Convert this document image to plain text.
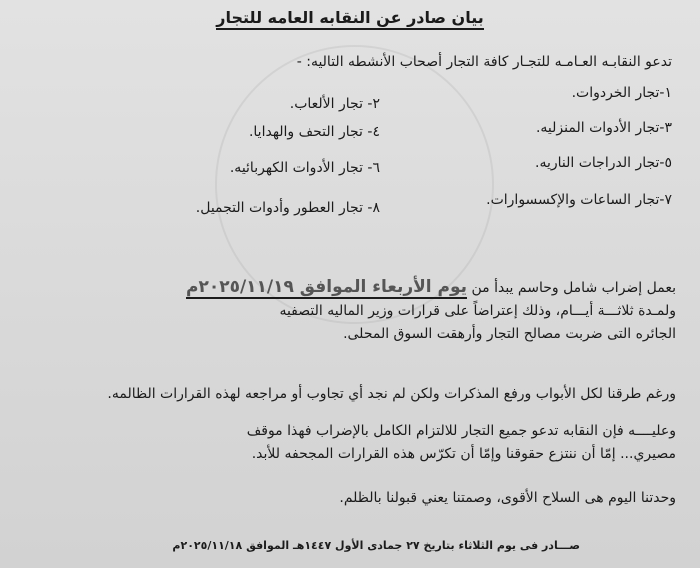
بيان صادر عن النقابه العامه للتجار
تدعو النقابـه العـامـه للتجـار كافة التجار أصحاب الأنشطه التاليه: -
١-تجار الخردوات.
٢- تجار الألعاب.
٣-تجار الأدوات المنزليه.
٤- تجار التحف والهدايا.
٥-تجار الدراجات الناريه.
٦- تجار الأدوات الكهربائيه.
٧-تجار الساعات والإكسسوارات.
٨- تجار العطور وأدوات التجميل.
بعمل إضراب شامل وحاسم يبدأ من يوم الأربعاء الموافق ٢٠٢٥/١١/١٩م
ولمـدة ثلاثـــة أيـــام، وذلك إعتراضاً على قرارات وزير الماليه التصفيه
الجائره التى ضربت مصالح التجار وأرهقت السوق المحلى.
ورغم طرقنا لكل الأبواب ورفع المذكرات ولكن لم نجد أي تجاوب أو مراجعه لهذه القرارات الظالمه.
وعليــــه فإن النقابه تدعو جميع التجار للالتزام الكامل بالإضراب فهذا موقف
مصيري... إمّا أن ننتزع حقوقنا وإمّا أن تكرّس هذه القرارات المجحفه للأبد.
وحدتنا اليوم هى السلاح الأقوى، وصمتنا يعني قبولنا بالظلم.
صـــادر فى يوم الثلاثاء بتاريخ ٢٧ جمادى الأول ١٤٤٧هـ الموافق ٢٠٢٥/١١/١٨م
